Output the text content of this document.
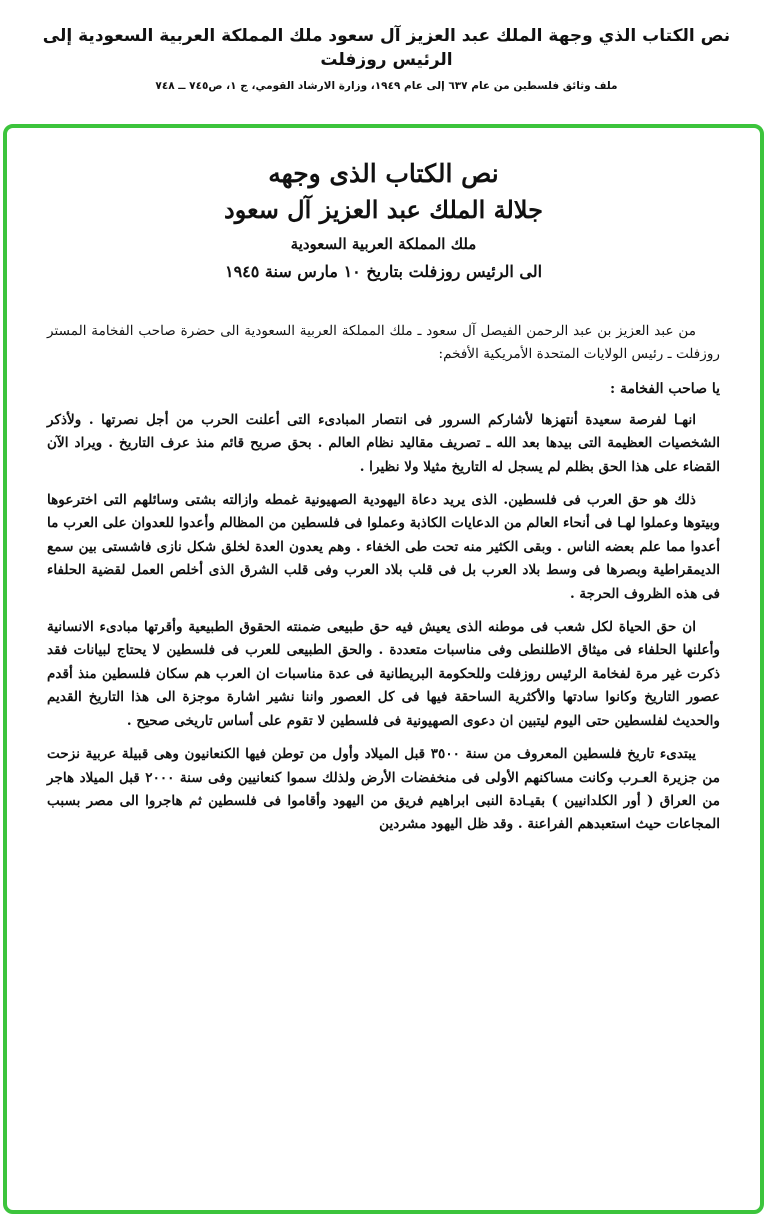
نص الكتاب الذي وجهة الملك عبد العزيز آل سعود ملك المملكة العربية السعودية إلى الرئيس روزفلت

ملف وثائق فلسطين من عام ٦٣٧ إلى عام ١٩٤٩، وزارة الارشاد القومي، ج ١، ص٧٤٥ ــ ٧٤٨

نص الكتاب الذى وجهه

جلالة الملك عبد العزيز آل سعود

ملك المملكة العربية السعودية

الى الرئيس روزفلت بتاريخ ١٠ مارس سنة ١٩٤٥

من عبد العزيز بن عبد الرحمن الفيصل آل سعود ـ ملك المملكة العربية السعودية الى حضرة صاحب الفخامة المستر روزفلت ـ رئيس الولايات المتحدة الأمريكية الأفخم:

يا صاحب الفخامة :

انهـا لفرصة سعيدة أنتهزها لأشاركم السرور فى انتصار المبادىء التى أعلنت الحرب من أجل نصرتها . ولأذكر الشخصيات العظيمة التى بيدها بعد الله ـ تصريف مقاليد نظام العالم . بحق صريح قائم منذ عرف التاريخ . ويراد الآن القضاء على هذا الحق بظلم لم يسجل له التاريخ مثيلا ولا نظيرا .

ذلك هو حق العرب فى فلسطين. الذى يريد دعاة اليهودية الصهيونية غمطه وازالته بشتى وسائلهم التى اخترعوها وبيتوها وعملوا لهـا فى أنحاء العالم من الدعايات الكاذبة وعملوا فى فلسطين من المظالم وأعدوا للعدوان على العرب ما أعدوا مما علم بعضه الناس . وبقى الكثير منه تحت طى الخفاء . وهم يعدون العدة لخلق شكل نازى فاشستى بين سمع الديمقراطية وبصرها فى وسط بلاد العرب بل فى قلب بلاد العرب وفى قلب الشرق الذى أخلص العمل لقضية الحلفاء فى هذه الظروف الحرجة .

ان حق الحياة لكل شعب فى موطنه الذى يعيش فيه حق طبيعى ضمنته الحقوق الطبيعية وأقرتها مبادىء الانسانية وأعلنها الحلفاء فى ميثاق الاطلنطى وفى مناسبات متعددة . والحق الطبيعى للعرب فى فلسطين لا يحتاج لبيانات فقد ذكرت غير مرة لفخامة الرئيس روزفلت وللحكومة البريطانية فى عدة مناسبات ان العرب هم سكان فلسطين منذ أقدم عصور التاريخ وكانوا سادتها والأكثرية الساحقة فيها فى كل العصور واننا نشير اشارة موجزة الى هذا التاريخ القديم والحديث لفلسطين حتى اليوم ليتبين ان دعوى الصهيونية فى فلسطين لا تقوم على أساس تاريخى صحيح .

يبتدىء تاريخ فلسطين المعروف من سنة ٣٥٠٠ قبل الميلاد وأول من توطن فيها الكنعانيون وهى قبيلة عربية نزحت من جزيرة العـرب وكانت مساكنهم الأولى فى منخفضات الأرض ولذلك سموا كنعانيين وفى سنة ٢٠٠٠ قبل الميلاد هاجر من العراق ( أور الكلدانيين ) بقيـادة النبى ابراهيم فريق من اليهود وأقاموا فى فلسطين ثم هاجروا الى مصر بسبب المجاعات حيث استعبدهم الفراعنة . وقد ظل اليهود مشردين
